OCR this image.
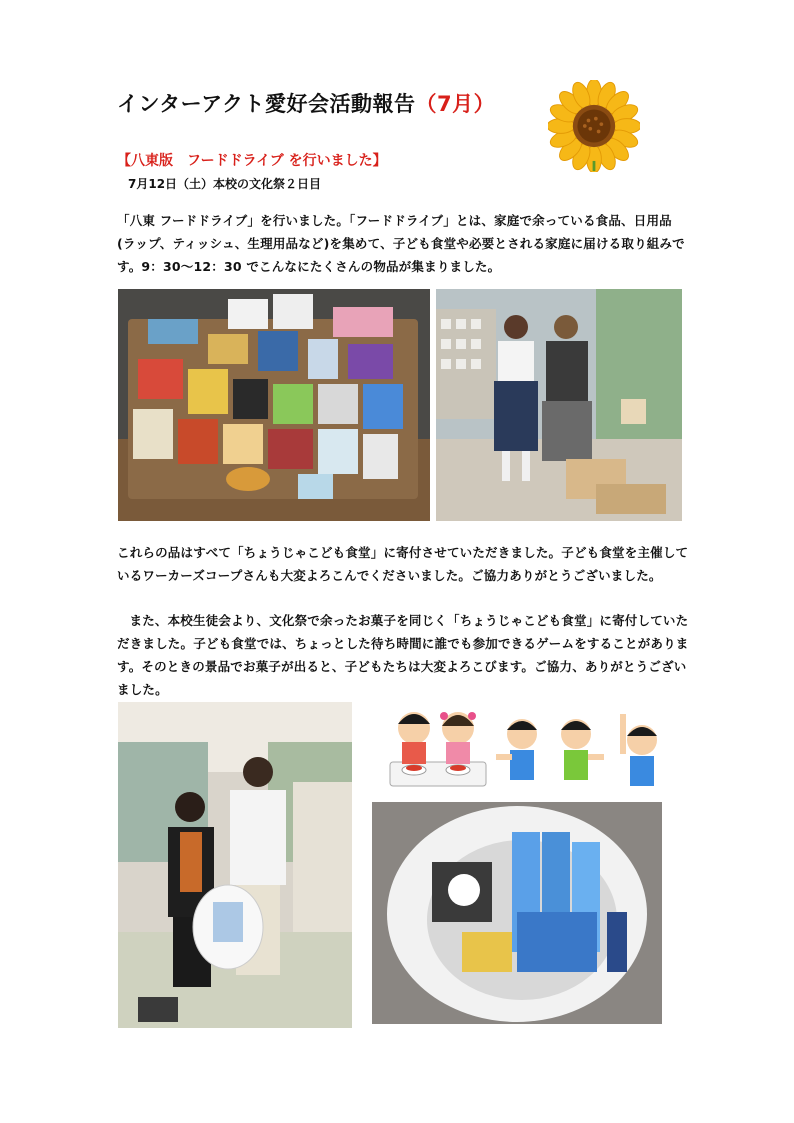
インターアクト愛好会活動報告（7月）
【八東版　フードドライブ を行いました】
7月12日（土）本校の文化祭２日目
「八東 フードドライブ」を行いました。「フードドライブ」とは、家庭で余っている食品、日用品(ラップ、ティッシュ、生理用品など)を集めて、子ども食堂や必要とされる家庭に届ける取り組みです。9：30～12：30 でこんなにたくさんの物品が集まりました。
これらの品はすべて「ちょうじゃこども食堂」に寄付させていただきました。子ども食堂を主催しているワーカーズコープさんも大変よろこんでくださいました。ご協力ありがとうございました。
また、本校生徒会より、文化祭で余ったお菓子を同じく「ちょうじゃこども食堂」に寄付していただきました。子ども食堂では、ちょっとした待ち時間に誰でも参加できるゲームをすることがあります。そのときの景品でお菓子が出ると、子どもたちは大変よろこびます。ご協力、ありがとうございました。
